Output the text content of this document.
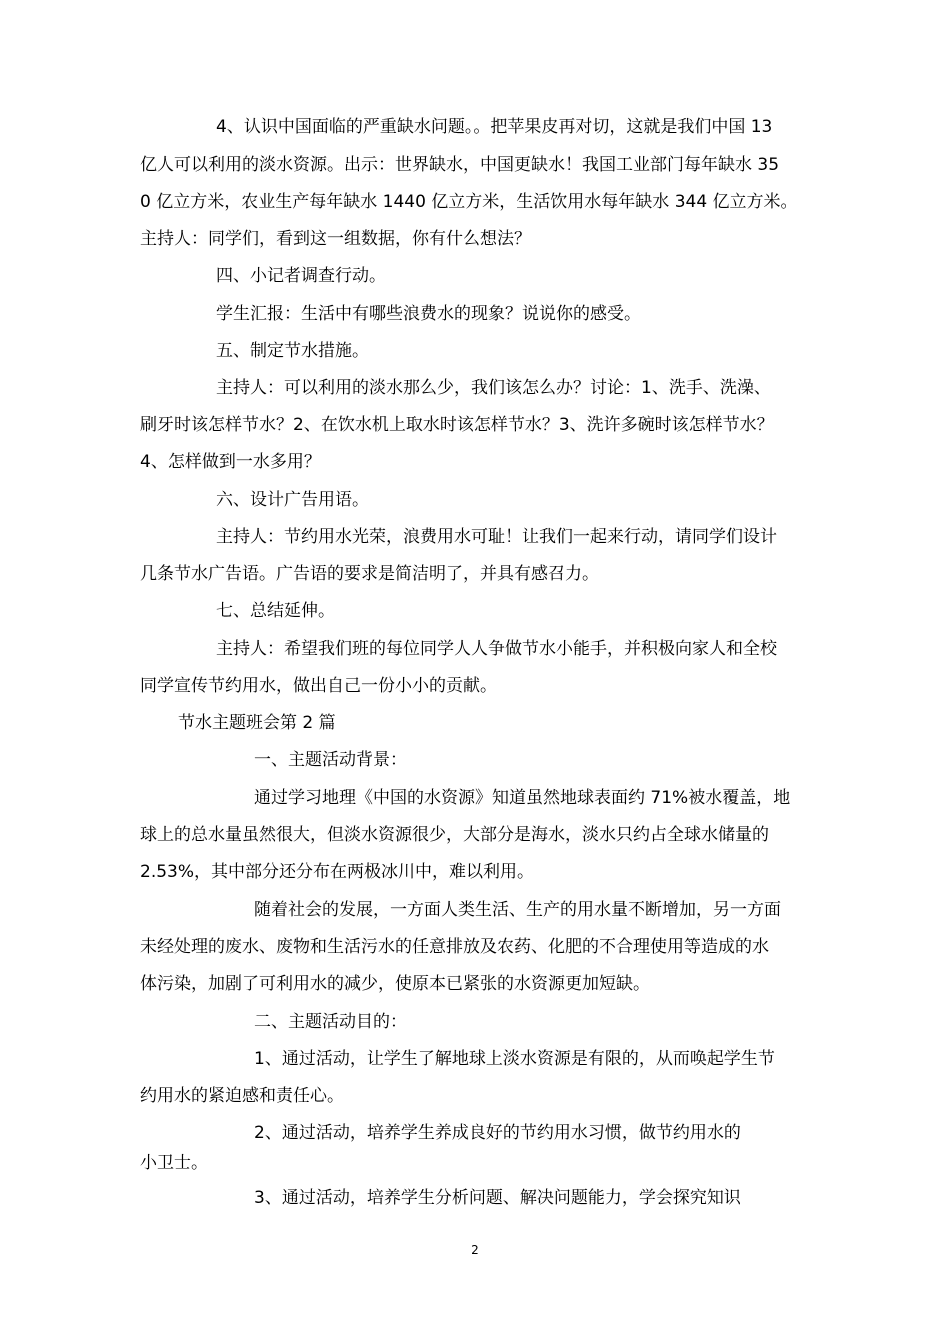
4、认识中国面临的严重缺水问题。。把苹果皮再对切，这就是我们中国 13
亿人可以利用的淡水资源。出示：世界缺水，中国更缺水！我国工业部门每年缺水 35
0 亿立方米，农业生产每年缺水 1440 亿立方米，生活饮用水每年缺水 344 亿立方米。
主持人：同学们，看到这一组数据，你有什么想法？
四、小记者调查行动。
学生汇报：生活中有哪些浪费水的现象？说说你的感受。
五、制定节水措施。
主持人：可以利用的淡水那么少，我们该怎么办？讨论：1、洗手、洗澡、
刷牙时该怎样节水？2、在饮水机上取水时该怎样节水？3、洗许多碗时该怎样节水？
4、怎样做到一水多用？
六、设计广告用语。
主持人：节约用水光荣，浪费用水可耻！让我们一起来行动，请同学们设计
几条节水广告语。广告语的要求是简洁明了，并具有感召力。
七、总结延伸。
主持人：希望我们班的每位同学人人争做节水小能手，并积极向家人和全校
同学宣传节约用水，做出自己一份小小的贡献。
节水主题班会第 2 篇
一、主题活动背景：
通过学习地理《中国的水资源》知道虽然地球表面约 71%被水覆盖，地
球上的总水量虽然很大，但淡水资源很少，大部分是海水，淡水只约占全球水储量的
2.53%，其中部分还分布在两极冰川中，难以利用。
随着社会的发展，一方面人类生活、生产的用水量不断增加，另一方面
未经处理的废水、废物和生活污水的任意排放及农药、化肥的不合理使用等造成的水
体污染，加剧了可利用水的减少，使原本已紧张的水资源更加短缺。
二、主题活动目的：
1、通过活动，让学生了解地球上淡水资源是有限的，从而唤起学生节
约用水的紧迫感和责任心。
2、通过活动，培养学生养成良好的节约用水习惯，做节约用水的
小卫士。
3、通过活动，培养学生分析问题、解决问题能力，学会探究知识
2
